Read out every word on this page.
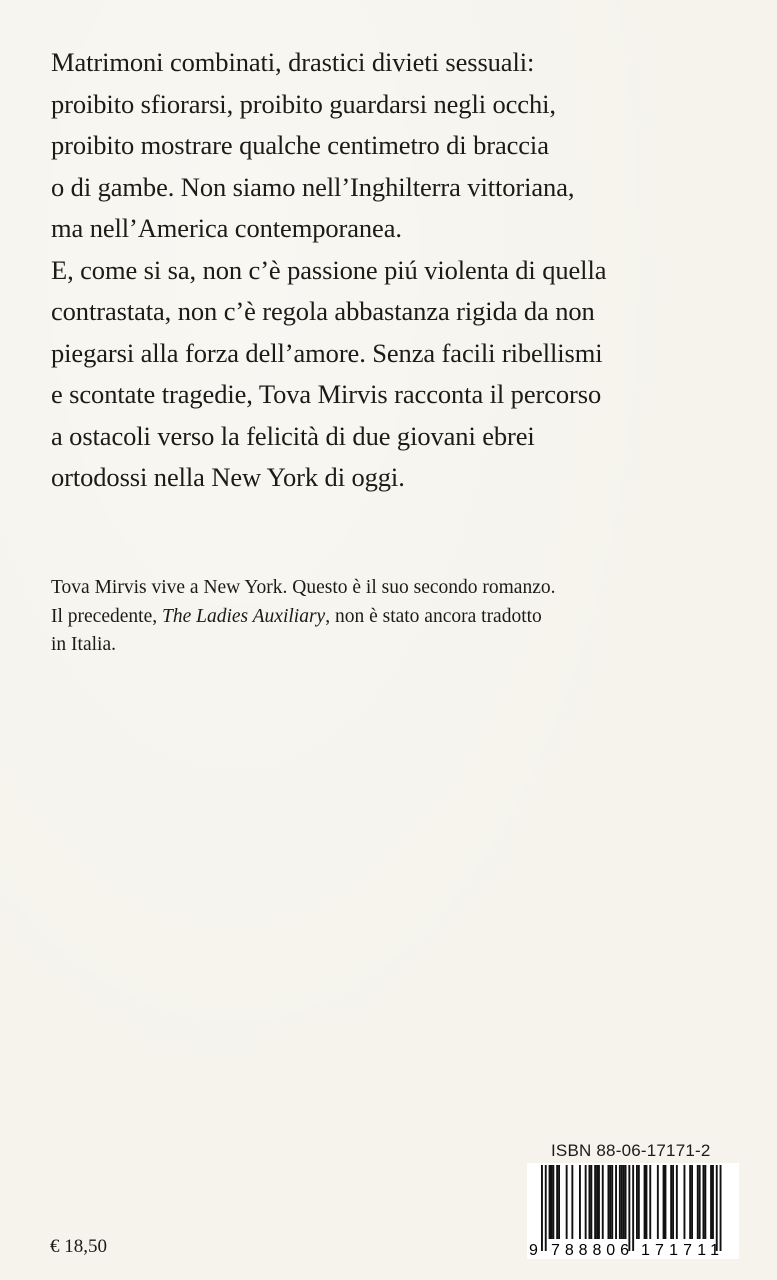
Matrimoni combinati, drastici divieti sessuali:
proibito sfiorarsi, proibito guardarsi negli occhi,
proibito mostrare qualche centimetro di braccia
o di gambe. Non siamo nell’Inghilterra vittoriana,
ma nell’America contemporanea.
E, come si sa, non c’è passione piú violenta di quella
contrastata, non c’è regola abbastanza rigida da non
piegarsi alla forza dell’amore. Senza facili ribellismi
e scontate tragedie, Tova Mirvis racconta il percorso
a ostacoli verso la felicità di due giovani ebrei
ortodossi nella New York di oggi.

Tova Mirvis vive a New York. Questo è il suo secondo romanzo.
Il precedente, The Ladies Auxiliary, non è stato ancora tradotto
in Italia.
€ 18,50
ISBN 88-06-17171-2
9 788806 171711
